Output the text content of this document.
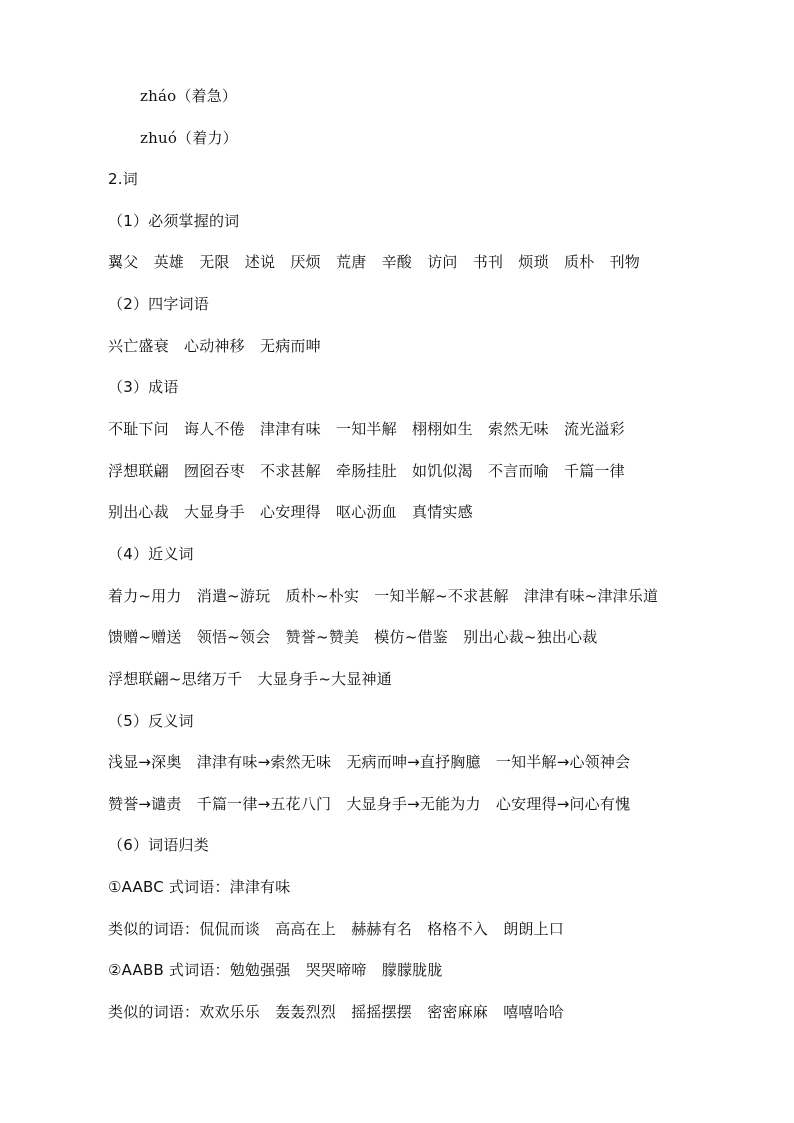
zháo（着急）
zhuó（着力）
2.词
（1）必须掌握的词
翼父　英雄　无限　述说　厌烦　荒唐　辛酸　访问　书刊　烦琐　质朴　刊物
（2）四字词语
兴亡盛衰　心动神移　无病而呻
（3）成语
不耻下问　诲人不倦　津津有味　一知半解　栩栩如生　索然无味　流光溢彩
浮想联翩　囫囵吞枣　不求甚解　牵肠挂肚　如饥似渴　不言而喻　千篇一律
别出心裁　大显身手　心安理得　呕心沥血　真情实感
（4）近义词
着力~用力　消遣~游玩　质朴~朴实　一知半解~不求甚解　津津有味~津津乐道
馈赠~赠送　领悟~领会　赞誉~赞美　模仿~借鉴　别出心裁~独出心裁
浮想联翩~思绪万千　大显身手~大显神通
（5）反义词
浅显→深奥　津津有味→索然无味　无病而呻→直抒胸臆　一知半解→心领神会
赞誉→谴责　千篇一律→五花八门　大显身手→无能为力　心安理得→问心有愧
（6）词语归类
①AABC 式词语：津津有味
类似的词语：侃侃而谈　高高在上　赫赫有名　格格不入　朗朗上口
②AABB 式词语：勉勉强强　哭哭啼啼　朦朦胧胧
类似的词语：欢欢乐乐　轰轰烈烈　摇摇摆摆　密密麻麻　嘻嘻哈哈
